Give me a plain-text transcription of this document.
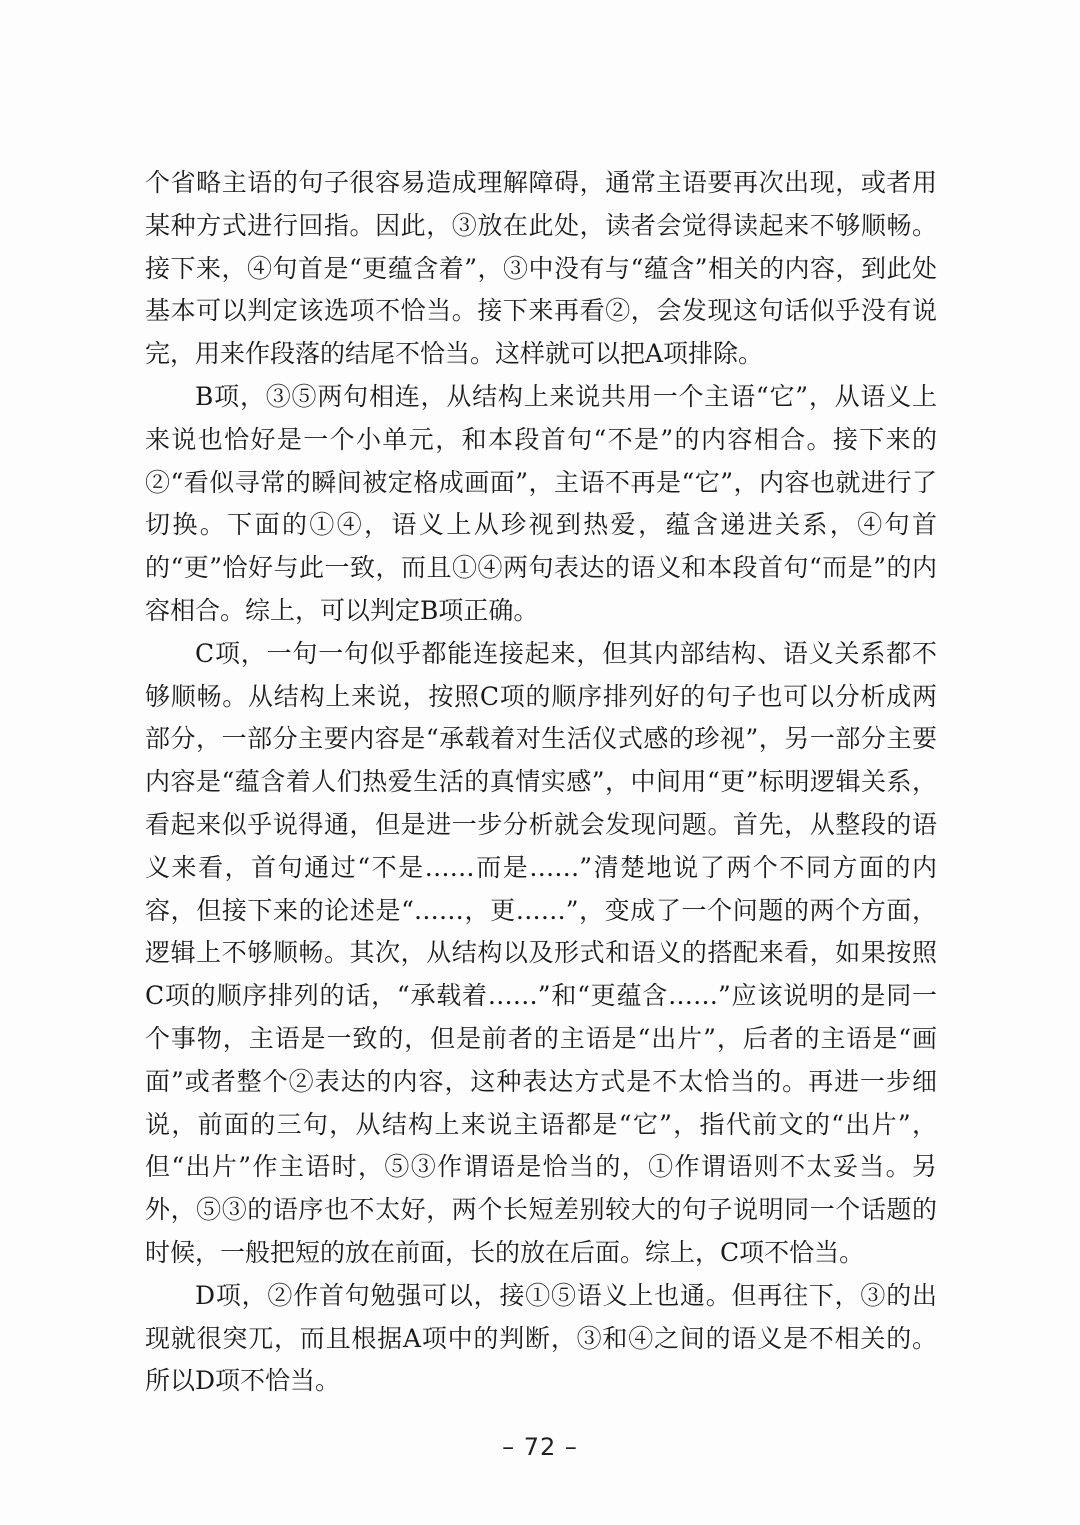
个省略主语的句子很容易造成理解障碍，通常主语要再次出现，或者用某种方式进行回指。因此，③放在此处，读者会觉得读起来不够顺畅。接下来，④句首是“更蕴含着”，③中没有与“蕴含”相关的内容，到此处基本可以判定该选项不恰当。接下来再看②，会发现这句话似乎没有说完，用来作段落的结尾不恰当。这样就可以把A项排除。

B项，③⑤两句相连，从结构上来说共用一个主语“它”，从语义上来说也恰好是一个小单元，和本段首句“不是”的内容相合。接下来的②“看似寻常的瞬间被定格成画面”，主语不再是“它”，内容也就进行了切换。下面的①④，语义上从珍视到热爱，蕴含递进关系，④句首的“更”恰好与此一致，而且①④两句表达的语义和本段首句“而是”的内容相合。综上，可以判定B项正确。

C项，一句一句似乎都能连接起来，但其内部结构、语义关系都不够顺畅。从结构上来说，按照C项的顺序排列好的句子也可以分析成两部分，一部分主要内容是“承载着对生活仪式感的珍视”，另一部分主要内容是“蕴含着人们热爱生活的真情实感”，中间用“更”标明逻辑关系，看起来似乎说得通，但是进一步分析就会发现问题。首先，从整段的语义来看，首句通过“不是……而是……”清楚地说了两个不同方面的内容，但接下来的论述是“……，更……”，变成了一个问题的两个方面，逻辑上不够顺畅。其次，从结构以及形式和语义的搭配来看，如果按照C项的顺序排列的话，“承载着……”和“更蕴含……”应该说明的是同一个事物，主语是一致的，但是前者的主语是“出片”，后者的主语是“画面”或者整个②表达的内容，这种表达方式是不太恰当的。再进一步细说，前面的三句，从结构上来说主语都是“它”，指代前文的“出片”，但“出片”作主语时，⑤③作谓语是恰当的，①作谓语则不太妥当。另外，⑤③的语序也不太好，两个长短差别较大的句子说明同一个话题的时候，一般把短的放在前面，长的放在后面。综上，C项不恰当。

D项，②作首句勉强可以，接①⑤语义上也通。但再往下，③的出现就很突兀，而且根据A项中的判断，③和④之间的语义是不相关的。所以D项不恰当。

– 72 –
